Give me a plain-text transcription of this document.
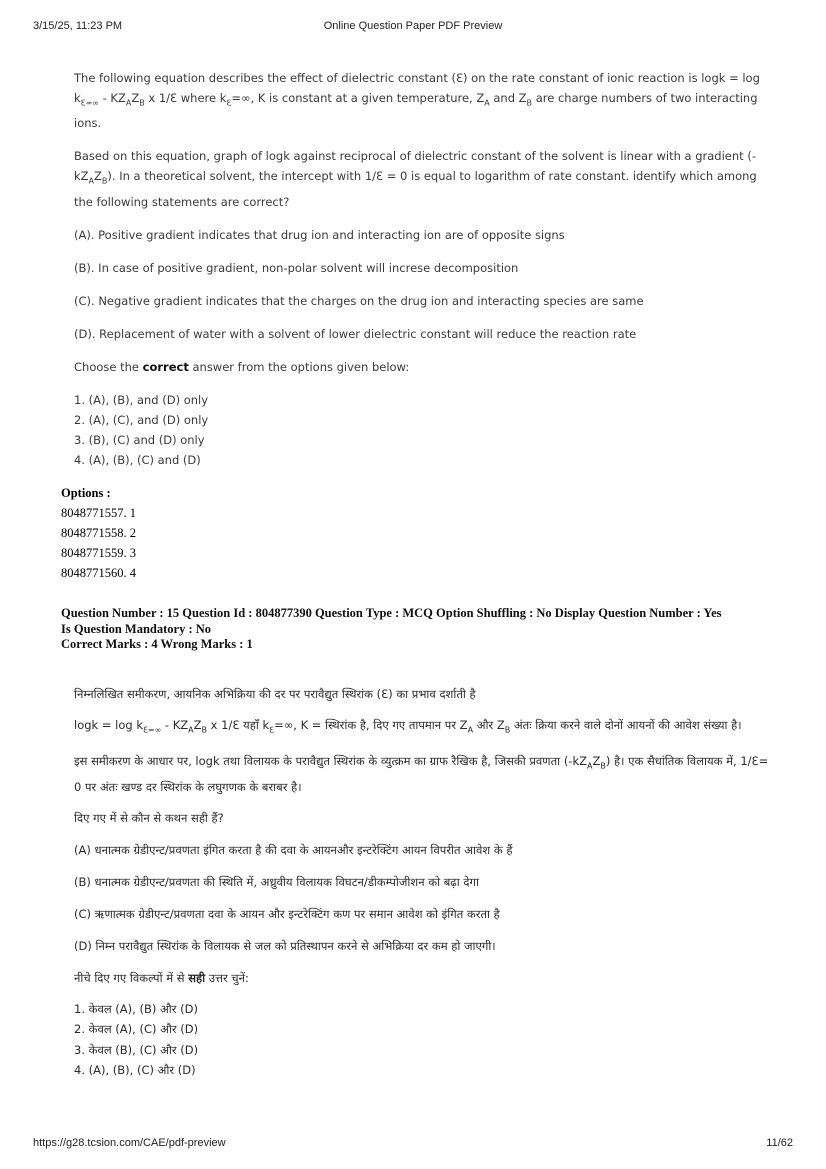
3/15/25, 11:23 PM	Online Question Paper PDF Preview

The following equation describes the effect of dielectric constant (ℇ) on the rate constant of ionic reaction is $\log k = \log k_{ℇ=\infty} - KZ_AZ_B$ x 1/ℇ where $k_ℇ=\infty$, K is constant at a given temperature, $Z_A$ and $Z_B$ are charge numbers of two interacting ions.

Based on this equation, graph of logk against reciprocal of dielectric constant of the solvent is linear with a gradient $(-kZ_AZ_B)$. In a theoretical solvent, the intercept with 1/ℇ = 0 is equal to logarithm of rate constant. identify which among the following statements are correct?

(A). Positive gradient indicates that drug ion and interacting ion are of opposite signs

(B). In case of positive gradient, non-polar solvent will increse decomposition

(C). Negative gradient indicates that the charges on the drug ion and interacting species are same

(D). Replacement of water with a solvent of lower dielectric constant will reduce the reaction rate

Choose the correct answer from the options given below:

1. (A), (B), and (D) only
2. (A), (C), and (D) only
3. (B), (C) and (D) only
4. (A), (B), (C) and (D)
Options :
8048771557. 1
8048771558. 2
8048771559. 3
8048771560. 4
Question Number : 15 Question Id : 804877390 Question Type : MCQ Option Shuffling : No Display Question Number : Yes
Is Question Mandatory : No
Correct Marks : 4 Wrong Marks : 1

निम्नलिखित समीकरण, आयनिक अभिक्रिया की दर पर परावैद्युत स्थिरांक (ℇ) का प्रभाव दर्शाती है

$\log k = \log k_{ℇ=\infty} - KZ_AZ_B$ x 1/ℇ यहाँ $k_ℇ=\infty$, K = स्थिरांक है, दिए गए तापमान पर $Z_A$ और $Z_B$ अंतः क्रिया करने वाले दोनों आयनों की आवेश संख्या है।

इस समीकरण के आधार पर, logk तथा विलायक के परावैद्युत स्थिरांक के व्युत्क्रम का ग्राफ रैखिक है, जिसकी प्रवणता $(-kZ_AZ_B)$ है। एक सैधांतिक विलायक में, 1/ℇ= 0 पर अंतः खण्ड दर स्थिरांक के लघुगणक के बराबर है।

दिए गए में से कौन से कथन सही हैं?

(A) धनात्मक ग्रेडीएन्ट/प्रवणता इंगित करता है की दवा के आयनऔर इन्टरेक्टिंग आयन विपरीत आवेश के हैं

(B) धनात्मक ग्रेडीएन्ट/प्रवणता की स्थिति में, अध्रुवीय विलायक विघटन/डीकम्पोजीशन को बढ़ा देगा

(C) ऋणात्मक ग्रेडीएन्ट/प्रवणता दवा के आयन और इन्टरेक्टिंग कण पर समान आवेश को इंगित करता है

(D) निम्न परावैद्युत स्थिरांक के विलायक से जल को प्रतिस्थापन करने से अभिक्रिया दर कम हो जाएगी।

नीचे दिए गए विकल्पों में से सही उत्तर चुनें:

1. केवल (A), (B) और (D)
2. केवल (A), (C) और (D)
3. केवल (B), (C) और (D)
4. (A), (B), (C) और (D)
https://g28.tcsion.com/CAE/pdf-preview	11/62
